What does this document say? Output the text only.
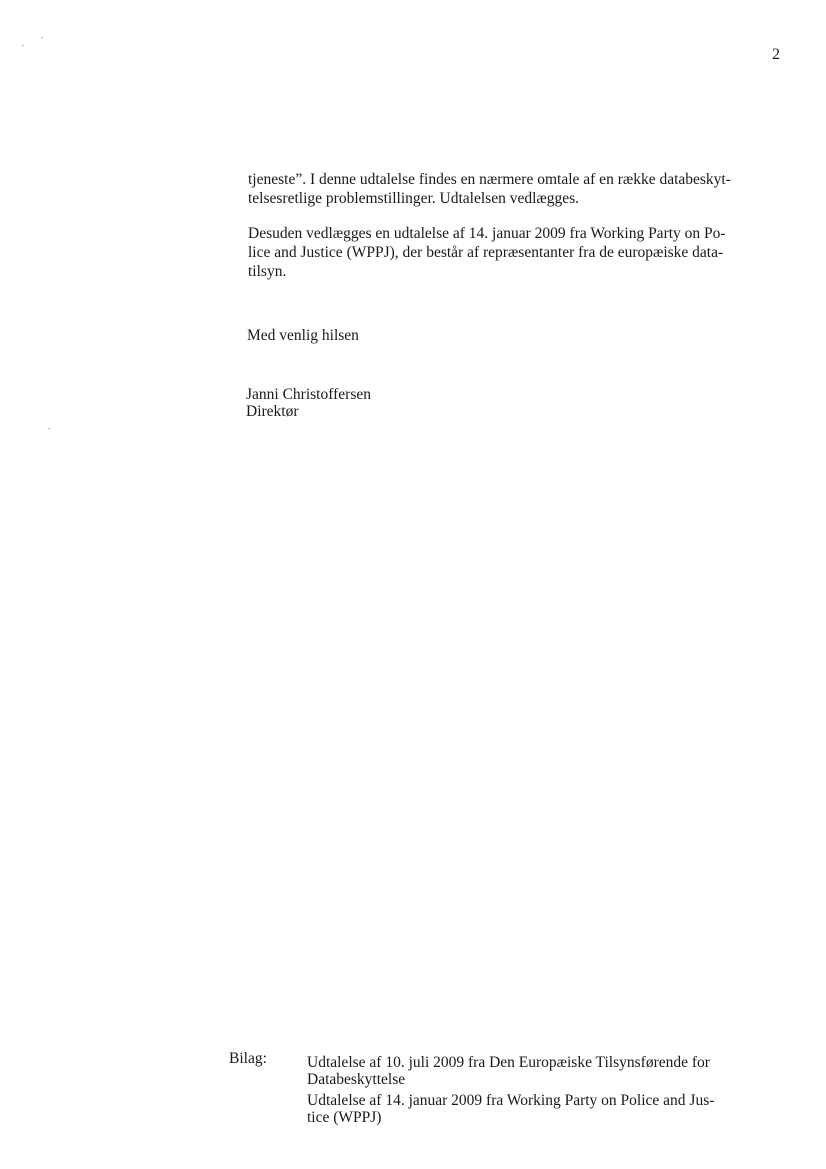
2

tjeneste”. I denne udtalelse findes en nærmere omtale af en række databeskyt-
telsesretlige problemstillinger. Udtalelsen vedlægges.

Desuden vedlægges en udtalelse af 14. januar 2009 fra Working Party on Po-
lice and Justice (WPPJ), der består af repræsentanter fra de europæiske data-
tilsyn.

Med venlig hilsen
Janni Christoffersen
Direktør
Bilag:	Udtalelse af 10. juli 2009 fra Den Europæiske Tilsynsførende for
Databeskyttelse
Udtalelse af 14. januar 2009 fra Working Party on Police and Jus-
tice (WPPJ)
